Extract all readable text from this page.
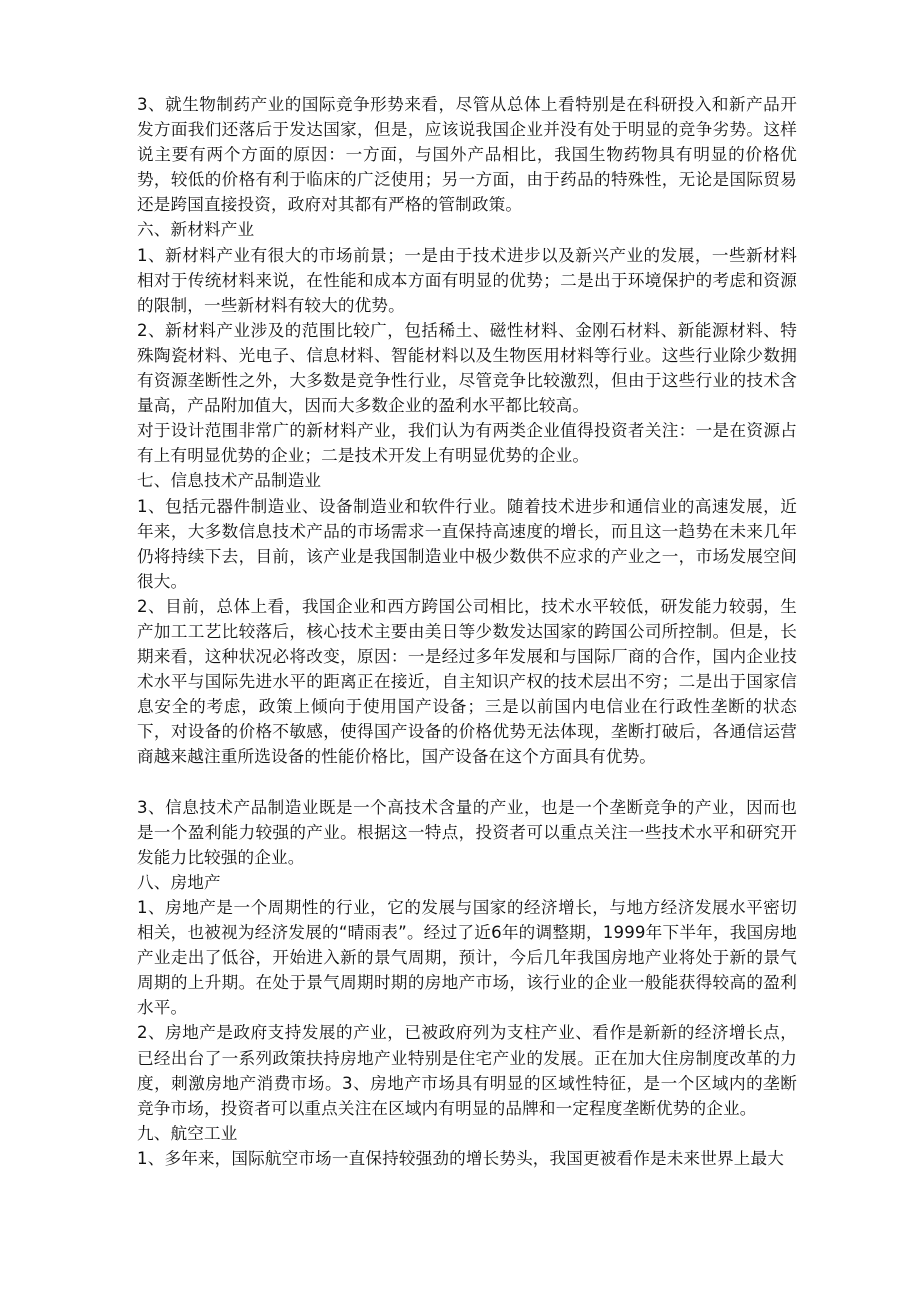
3、就生物制药产业的国际竞争形势来看，尽管从总体上看特别是在科研投入和新产品开发方面我们还落后于发达国家，但是，应该说我国企业并没有处于明显的竞争劣势。这样说主要有两个方面的原因：一方面，与国外产品相比，我国生物药物具有明显的价格优势，较低的价格有利于临床的广泛使用；另一方面，由于药品的特殊性，无论是国际贸易还是跨国直接投资，政府对其都有严格的管制政策。

六、新材料产业

1、新材料产业有很大的市场前景；一是由于技术进步以及新兴产业的发展，一些新材料相对于传统材料来说，在性能和成本方面有明显的优势；二是出于环境保护的考虑和资源的限制，一些新材料有较大的优势。

2、新材料产业涉及的范围比较广，包括稀土、磁性材料、金刚石材料、新能源材料、特殊陶瓷材料、光电子、信息材料、智能材料以及生物医用材料等行业。这些行业除少数拥有资源垄断性之外，大多数是竞争性行业，尽管竞争比较激烈，但由于这些行业的技术含量高，产品附加值大，因而大多数企业的盈利水平都比较高。

对于设计范围非常广的新材料产业，我们认为有两类企业值得投资者关注：一是在资源占有上有明显优势的企业；二是技术开发上有明显优势的企业。

七、信息技术产品制造业

1、包括元器件制造业、设备制造业和软件行业。随着技术进步和通信业的高速发展，近年来，大多数信息技术产品的市场需求一直保持高速度的增长，而且这一趋势在未来几年仍将持续下去，目前，该产业是我国制造业中极少数供不应求的产业之一，市场发展空间很大。

2、目前，总体上看，我国企业和西方跨国公司相比，技术水平较低，研发能力较弱，生产加工工艺比较落后，核心技术主要由美日等少数发达国家的跨国公司所控制。但是，长期来看，这种状况必将改变，原因：一是经过多年发展和与国际厂商的合作，国内企业技术水平与国际先进水平的距离正在接近，自主知识产权的技术层出不穷；二是出于国家信息安全的考虑，政策上倾向于使用国产设备；三是以前国内电信业在行政性垄断的状态下，对设备的价格不敏感，使得国产设备的价格优势无法体现，垄断打破后，各通信运营商越来越注重所选设备的性能价格比，国产设备在这个方面具有优势。

3、信息技术产品制造业既是一个高技术含量的产业，也是一个垄断竞争的产业，因而也是一个盈利能力较强的产业。根据这一特点，投资者可以重点关注一些技术水平和研究开发能力比较强的企业。

八、房地产

1、房地产是一个周期性的行业，它的发展与国家的经济增长，与地方经济发展水平密切相关，也被视为经济发展的“晴雨表”。经过了近6年的调整期，1999年下半年，我国房地产业走出了低谷，开始进入新的景气周期，预计，今后几年我国房地产业将处于新的景气周期的上升期。在处于景气周期时期的房地产市场，该行业的企业一般能获得较高的盈利水平。

2、房地产是政府支持发展的产业，已被政府列为支柱产业、看作是新新的经济增长点，已经出台了一系列政策扶持房地产业特别是住宅产业的发展。正在加大住房制度改革的力度，刺激房地产消费市场。3、房地产市场具有明显的区域性特征，是一个区域内的垄断竞争市场，投资者可以重点关注在区域内有明显的品牌和一定程度垄断优势的企业。

九、航空工业

1、多年来，国际航空市场一直保持较强劲的增长势头，我国更被看作是未来世界上最大
